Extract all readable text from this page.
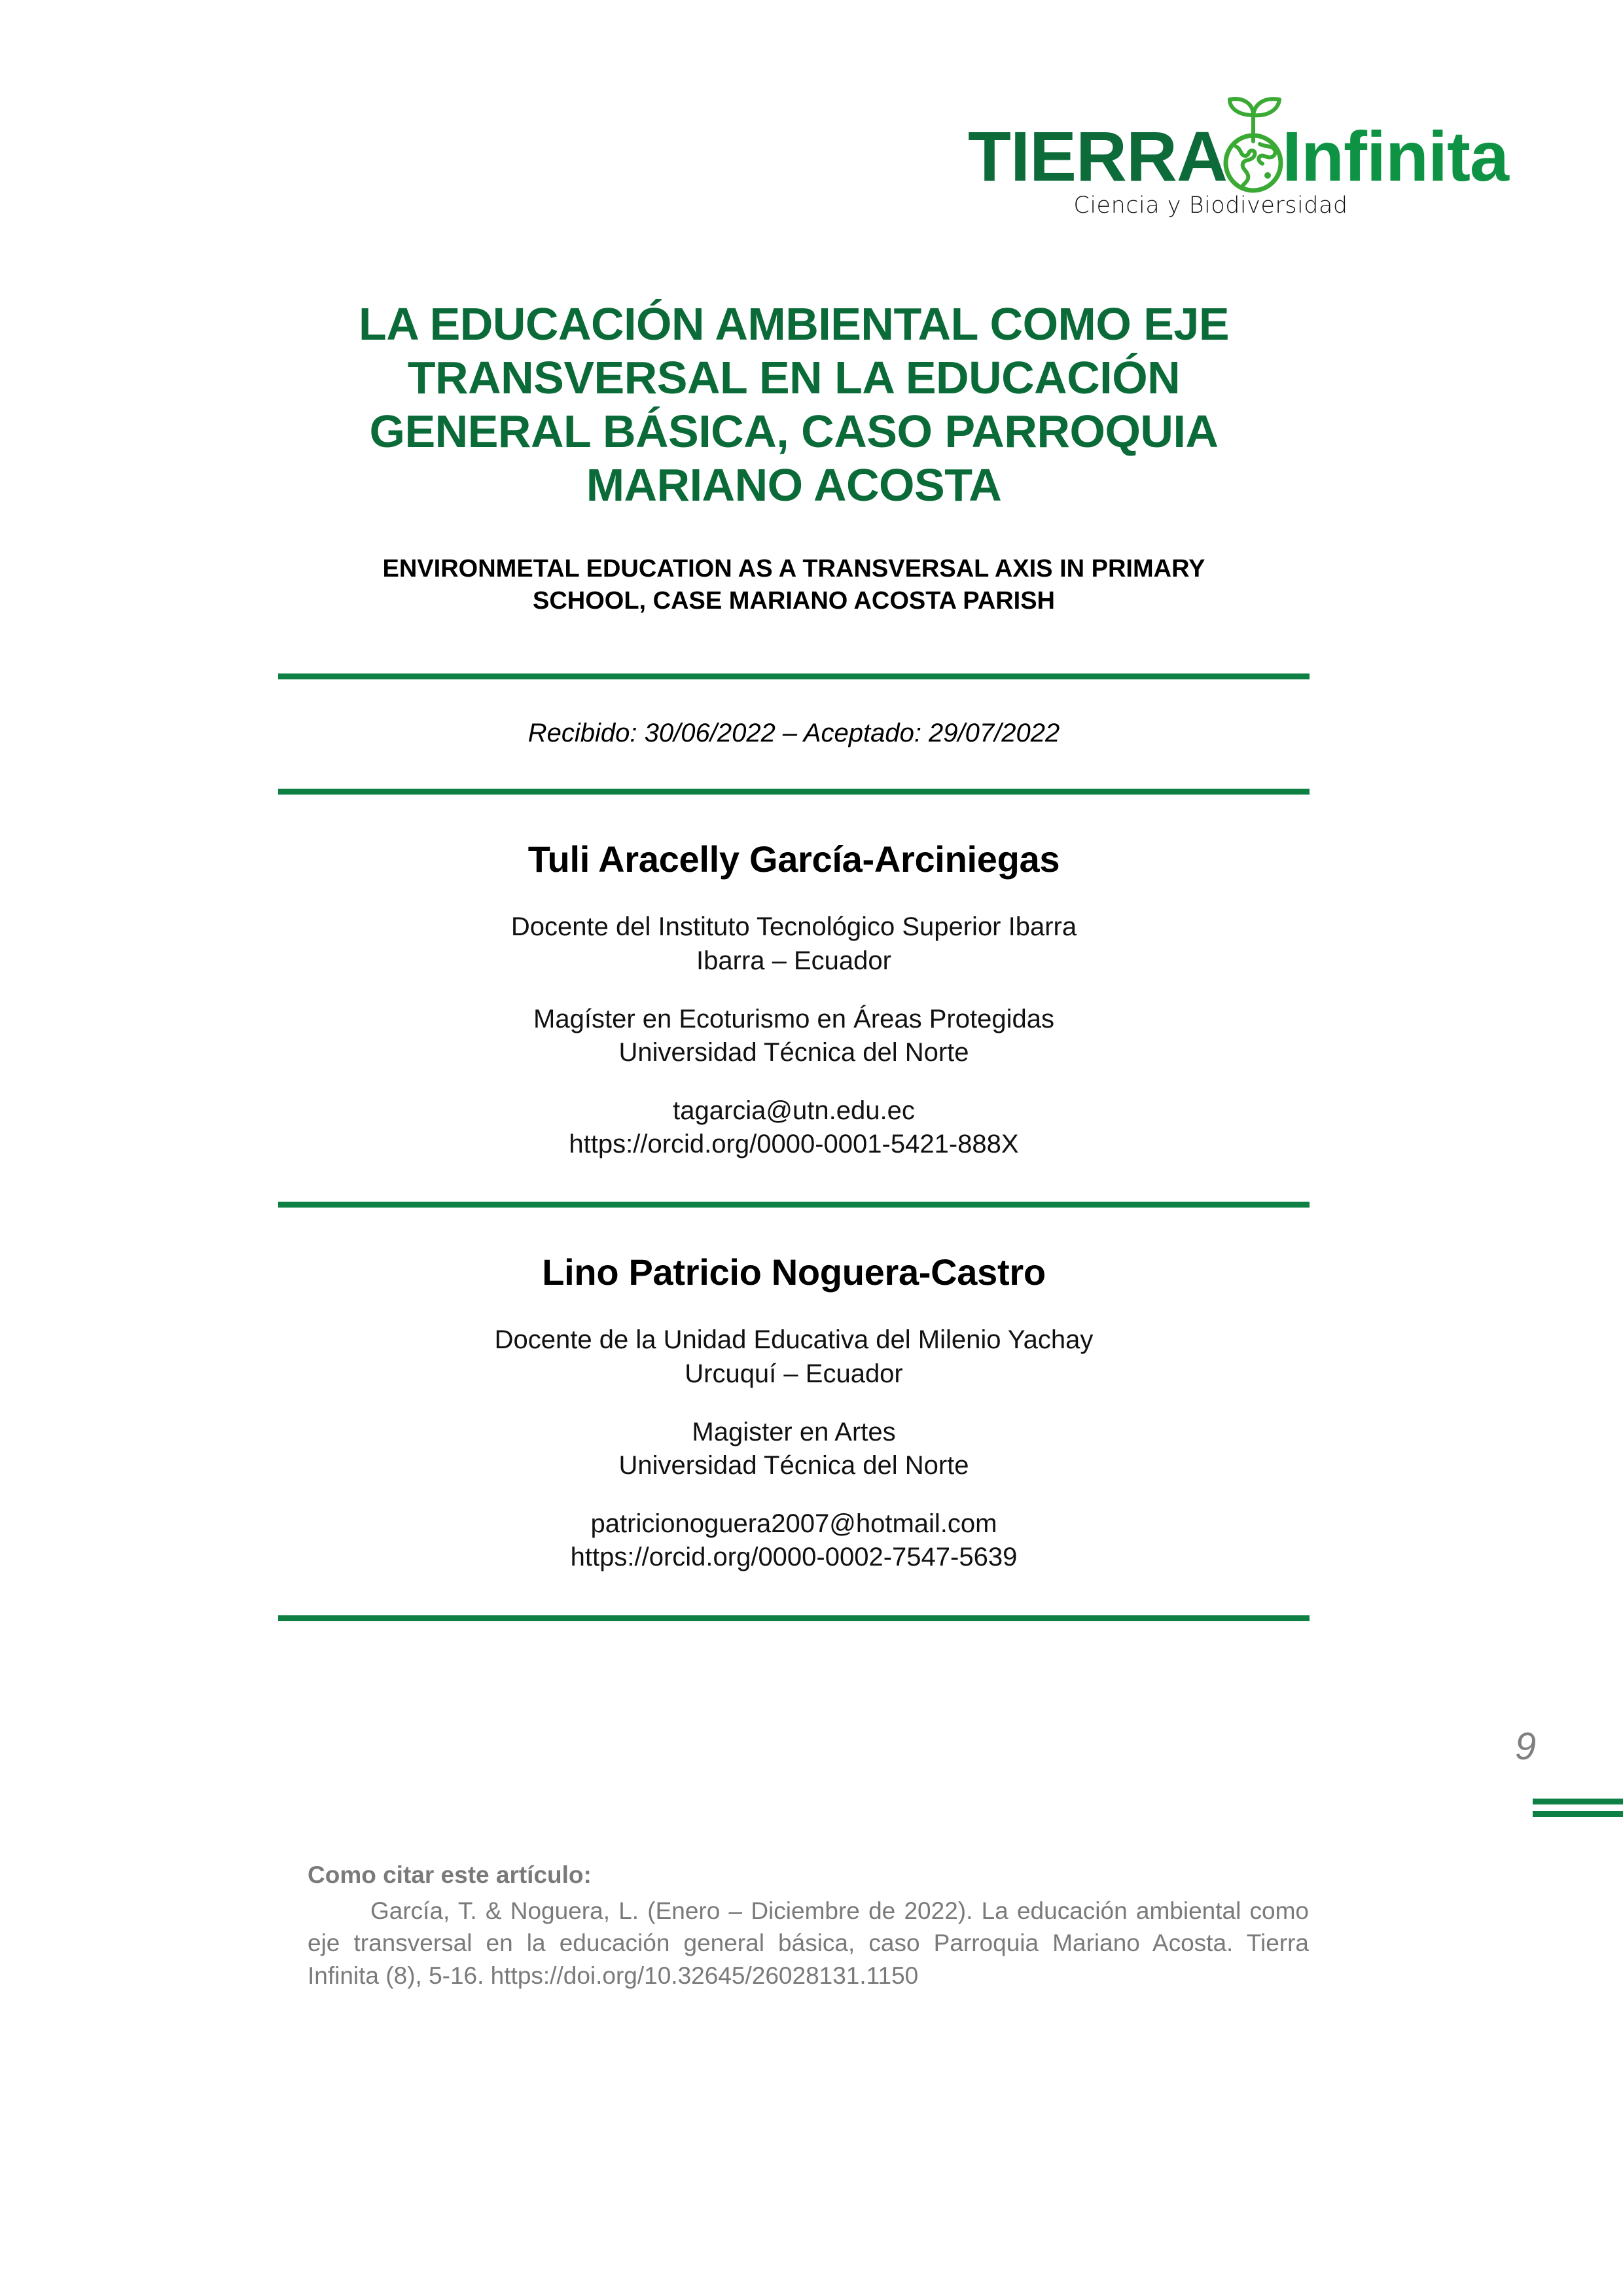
TIERRA Infinita
Ciencia y Biodiversidad
LA EDUCACIÓN AMBIENTAL COMO EJE TRANSVERSAL EN LA EDUCACIÓN GENERAL BÁSICA, CASO PARROQUIA MARIANO ACOSTA
ENVIRONMETAL EDUCATION AS A TRANSVERSAL AXIS IN PRIMARY SCHOOL, CASE MARIANO ACOSTA PARISH
Recibido: 30/06/2022 – Aceptado: 29/07/2022
Tuli Aracelly García-Arciniegas
Docente del Instituto Tecnológico Superior Ibarra
Ibarra – Ecuador
Magíster en Ecoturismo en Áreas Protegidas
Universidad Técnica del Norte
tagarcia@utn.edu.ec
https://orcid.org/0000-0001-5421-888X
Lino Patricio Noguera-Castro
Docente de la Unidad Educativa del Milenio Yachay
Urcuquí – Ecuador
Magister en Artes
Universidad Técnica del Norte
patricionoguera2007@hotmail.com
https://orcid.org/0000-0002-7547-5639
Como citar este artículo:
García, T. & Noguera, L. (Enero – Diciembre de 2022). La educación ambiental como eje transversal en la educación general básica, caso Parroquia Mariano Acosta. Tierra Infinita (8), 5-16. https://doi.org/10.32645/26028131.1150
9
